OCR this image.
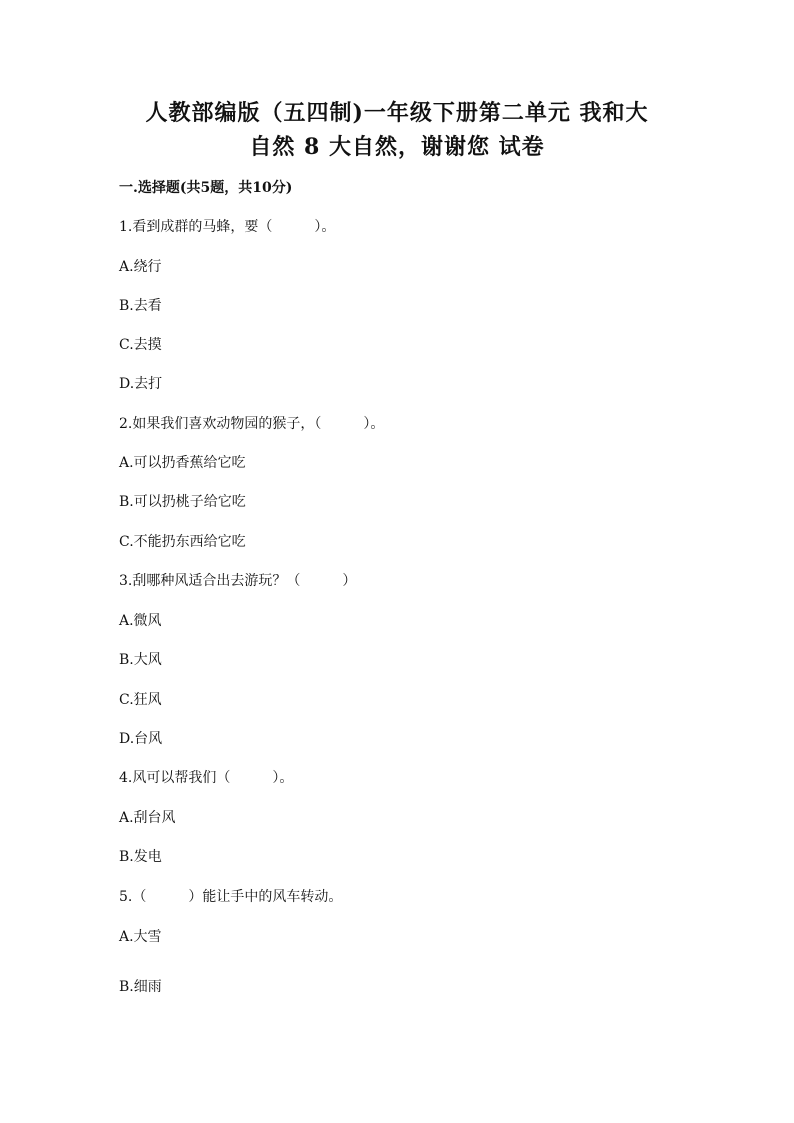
人教部编版（五四制)一年级下册第二单元 我和大
自然 8 大自然，谢谢您 试卷
一.选择题(共5题，共10分)
1.看到成群的马蜂，要（　　　）。
A.绕行
B.去看
C.去摸
D.去打
2.如果我们喜欢动物园的猴子，（　　　）。
A.可以扔香蕉给它吃
B.可以扔桃子给它吃
C.不能扔东西给它吃
3.刮哪种风适合出去游玩？（　　　）
A.微风
B.大风
C.狂风
D.台风
4.风可以帮我们（　　　）。
A.刮台风
B.发电
5.（　　　）能让手中的风车转动。
A.大雪
B.细雨
